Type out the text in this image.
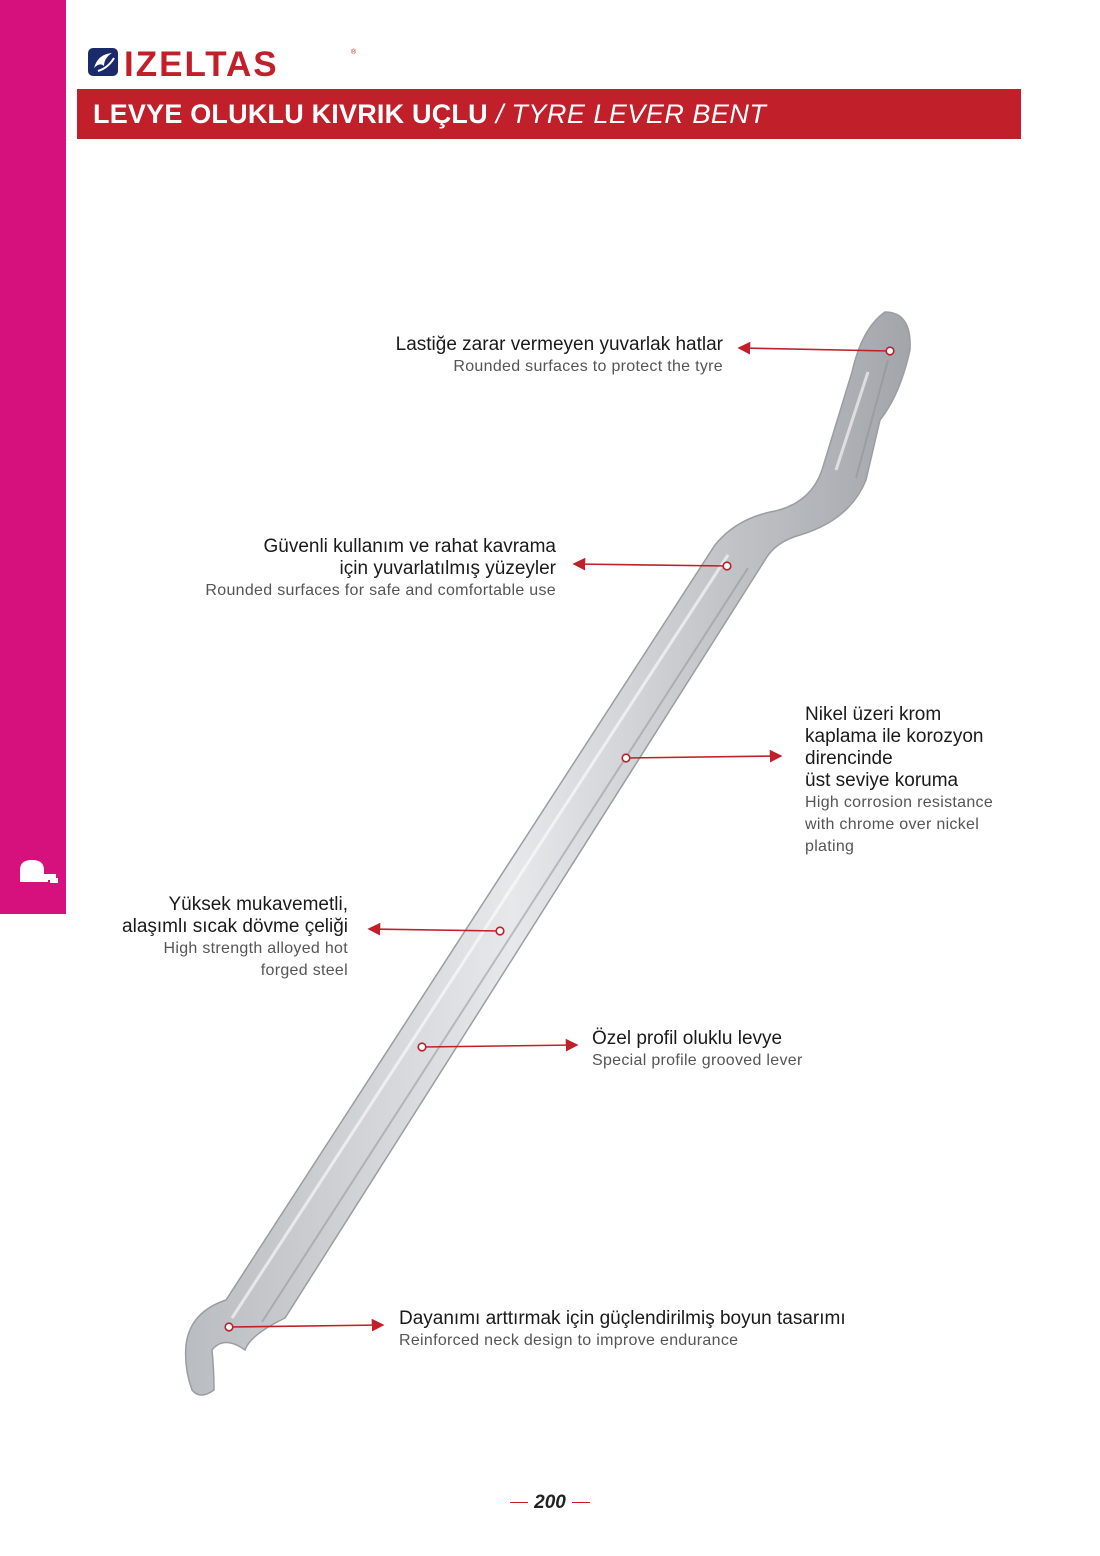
IZELTAS	®
LEVYE OLUKLU KIVRIK UÇLU / TYRE LEVER BENT
Lastiğe zarar vermeyen yuvarlak hatlar
Rounded surfaces to protect the tyre
Güvenli kullanım ve rahat kavrama
için yuvarlatılmış yüzeyler
Rounded surfaces for safe and comfortable use
Nikel üzeri krom
kaplama ile korozyon
direncinde
üst seviye koruma
High corrosion resistance
with chrome over nickel
plating
Yüksek mukavemetli,
alaşımlı sıcak dövme çeliği
High strength alloyed hot
forged steel
Özel profil oluklu levye
Special profile grooved lever
Dayanımı arttırmak için güçlendirilmiş boyun tasarımı
Reinforced neck design to improve endurance
200
